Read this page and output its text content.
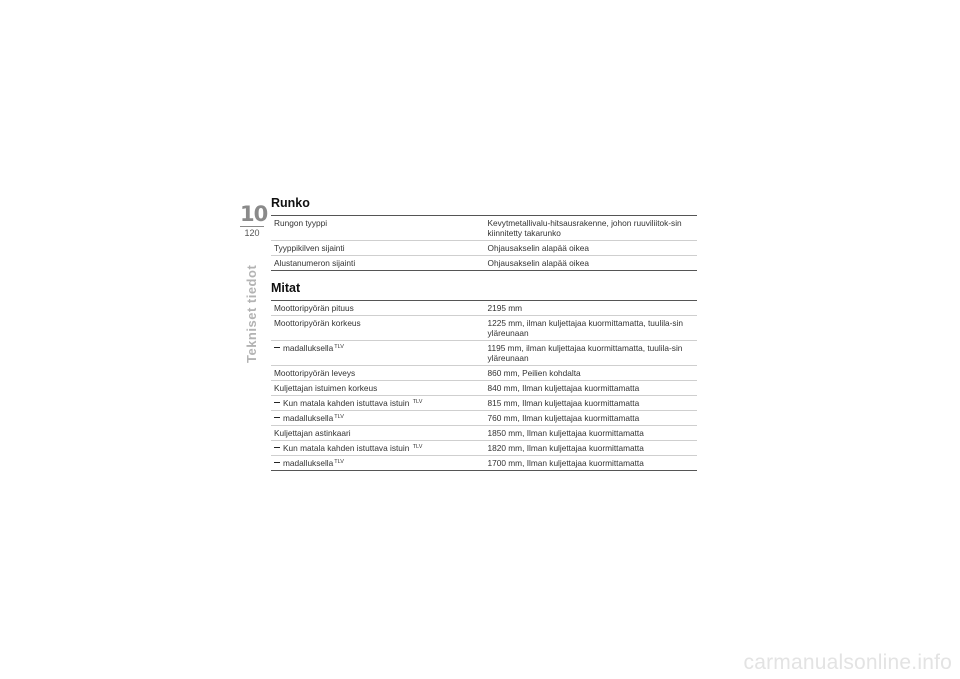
10
120
Tekniset tiedot
Runko
Rungon tyyppi	Kevytmetallivalu-hitsausrakenne, johon ruuviliitok-sin kiinnitetty takarunko
Tyyppikilven sijainti	Ohjausakselin alapää oikea
Alustanumeron sijainti	Ohjausakselin alapää oikea
Mitat
Moottoripyörän pituus	2195 mm
Moottoripyörän korkeus	1225 mm, ilman kuljettajaa kuormittamatta, tuulila-sin yläreunaan
madalluksella$^{TLV}$	1195 mm, ilman kuljettajaa kuormittamatta, tuulila-sin yläreunaan
Moottoripyörän leveys	860 mm, Peilien kohdalta
Kuljettajan istuimen korkeus	840 mm, Ilman kuljettajaa kuormittamatta
Kun matala kahden istuttava istuin $^{TLV}$	815 mm, Ilman kuljettajaa kuormittamatta
madalluksella$^{TLV}$	760 mm, Ilman kuljettajaa kuormittamatta
Kuljettajan astinkaari	1850 mm, Ilman kuljettajaa kuormittamatta
Kun matala kahden istuttava istuin $^{TLV}$	1820 mm, Ilman kuljettajaa kuormittamatta
madalluksella$^{TLV}$	1700 mm, Ilman kuljettajaa kuormittamatta
carmanualsonline.info
